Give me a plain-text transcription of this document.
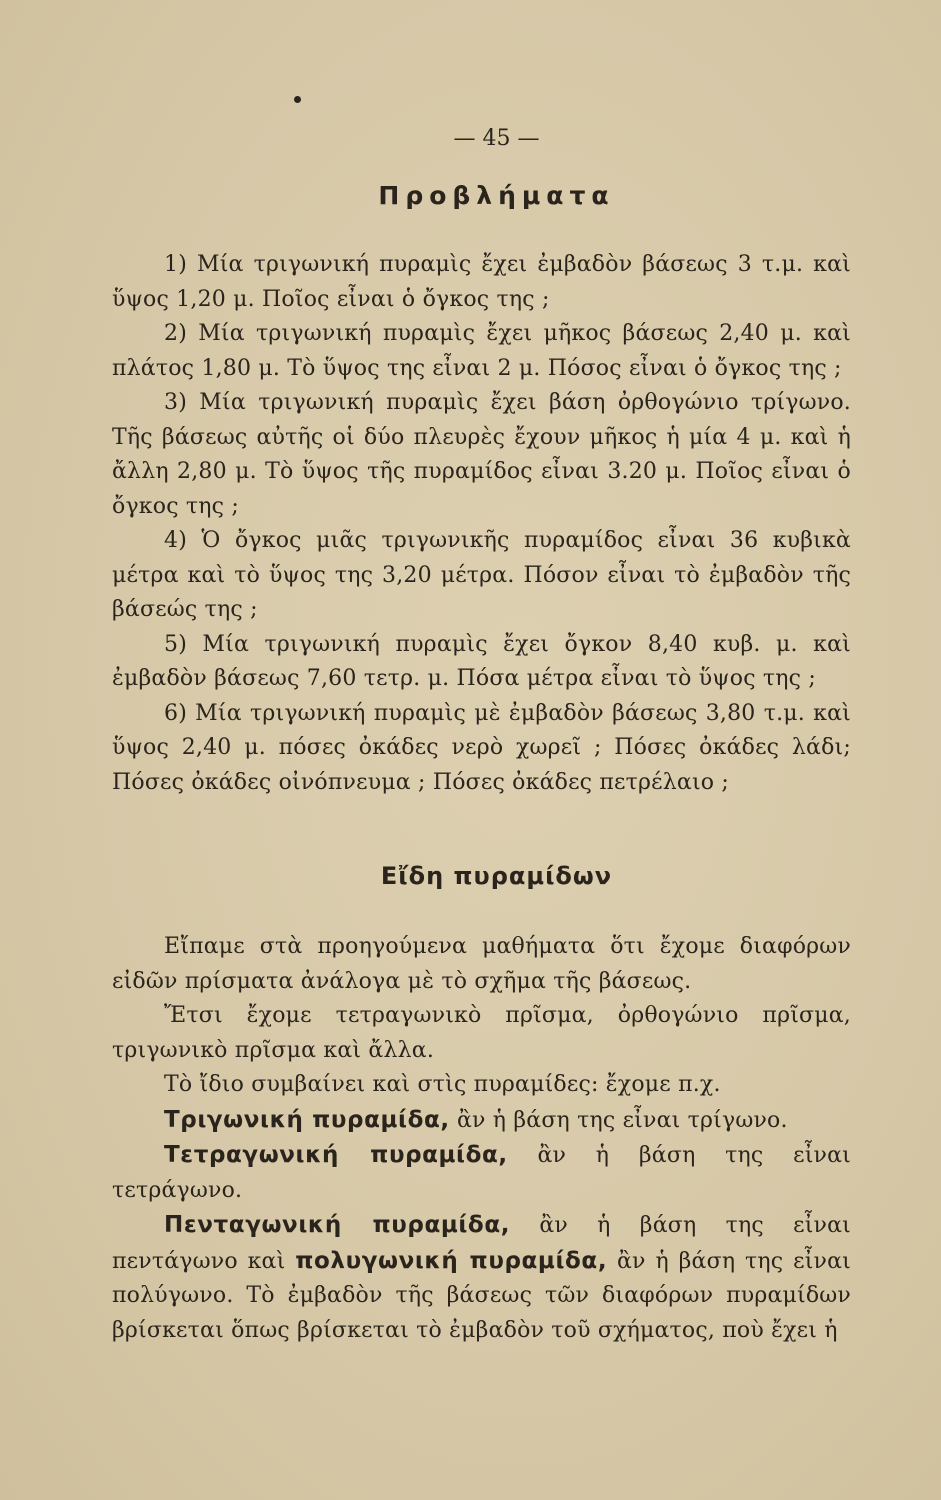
— 45 —
Προβλήματα

1) Μία τριγωνική πυραμὶς ἔχει ἐμβαδὸν βάσεως 3 τ.μ. καὶ ὕψος 1,20 μ. Ποῖος εἶναι ὁ ὄγκος της ;

2) Μία τριγωνική πυραμὶς ἔχει μῆκος βάσεως 2,40 μ. καὶ πλάτος 1,80 μ. Τὸ ὕψος της εἶναι 2 μ. Πόσος εἶναι ὁ ὄγκος της ;

3) Μία τριγωνική πυραμὶς ἔχει βάση ὀρθογώνιο τρίγωνο. Τῆς βάσεως αὐτῆς οἱ δύο πλευρὲς ἔχουν μῆκος ἡ μία 4 μ. καὶ ἡ ἄλλη 2,80 μ. Τὸ ὕψος τῆς πυραμίδος εἶναι 3.20 μ. Ποῖος εἶναι ὁ ὄγκος της ;

4) Ὁ ὄγκος μιᾶς τριγωνικῆς πυραμίδος εἶναι 36 κυβικὰ μέτρα καὶ τὸ ὕψος της 3,20 μέτρα. Πόσον εἶναι τὸ ἐμβαδὸν τῆς βάσεώς της ;

5) Μία τριγωνική πυραμὶς ἔχει ὄγκον 8,40 κυβ. μ. καὶ ἐμβαδὸν βάσεως 7,60 τετρ. μ. Πόσα μέτρα εἶναι τὸ ὕψος της ;

6) Μία τριγωνική πυραμὶς μὲ ἐμβαδὸν βάσεως 3,80 τ.μ. καὶ ὕψος 2,40 μ. πόσες ὀκάδες νερὸ χωρεῖ ; Πόσες ὀκάδες λάδι; Πόσες ὀκάδες οἰνόπνευμα ; Πόσες ὀκάδες πετρέλαιο ;

Εἴδη πυραμίδων

Εἴπαμε στὰ προηγούμενα μαθήματα ὅτι ἔχομε διαφόρων εἰδῶν πρίσματα ἀνάλογα μὲ τὸ σχῆμα τῆς βάσεως.

Ἔτσι ἔχομε τετραγωνικὸ πρῖσμα, ὀρθογώνιο πρῖσμα, τριγωνικὸ πρῖσμα καὶ ἄλλα.

Τὸ ἴδιο συμβαίνει καὶ στὶς πυραμίδες: ἔχομε π.χ.

Τριγωνική πυραμίδα, ἂν ἡ βάση της εἶναι τρίγωνο.

Τετραγωνική πυραμίδα, ἂν ἡ βάση της εἶναι τετράγωνο.

Πενταγωνική πυραμίδα, ἂν ἡ βάση της εἶναι πεντάγωνο καὶ πολυγωνική πυραμίδα, ἂν ἡ βάση της εἶναι πολύγωνο. Τὸ ἐμβαδὸν τῆς βάσεως τῶν διαφόρων πυραμίδων βρίσκεται ὅπως βρίσκεται τὸ ἐμβαδὸν τοῦ σχήματος, ποὺ ἔχει ἡ
